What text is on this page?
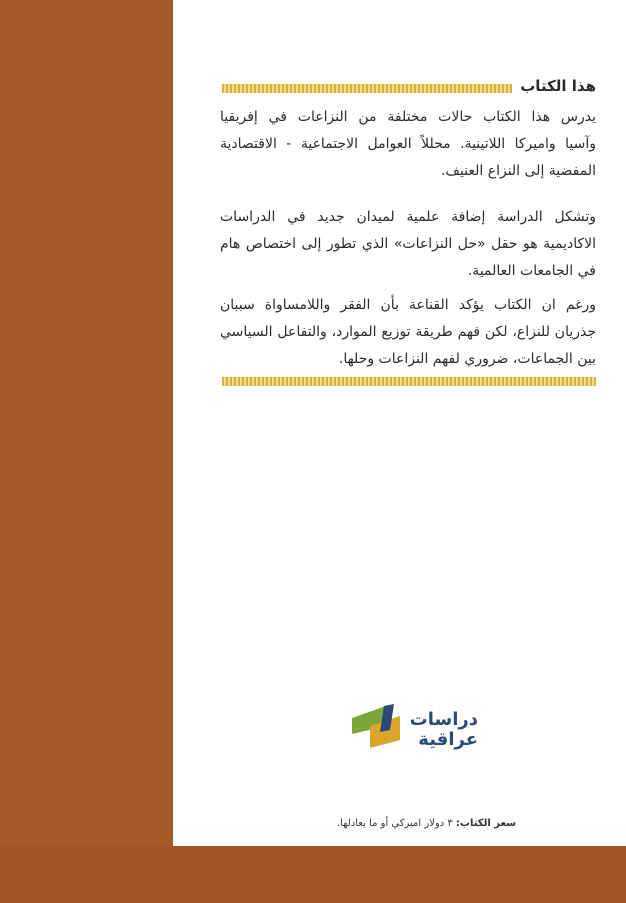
هذا الكتاب
يدرس هذا الكتاب حالات مختلفة من النزاعات في إفريقيا
وآسيا واميركا اللاتينية. محللاً العوامل الاجتماعية - الاقتصادية
المفضية إلى النزاع العنيف.
وتشكل الدراسة إضافة علمية لميدان جديد في الدراسات
الاكاديمية هو حقل «حل النزاعات» الذي تطور إلى اختصاص هام
في الجامعات العالمية.
ورغم ان الكتاب يؤكد القناعة بأن الفقر واللامساواة سببان
جذريان للنزاع، لكن فهم طريقة توزيع الموارد، والتفاعل السياسي
بين الجماعات، ضروري لفهم النزاعات وحلها.
دراسات
عراقية
سعر الكتاب: ٣ دولار اميركي أو ما يعادلها.
